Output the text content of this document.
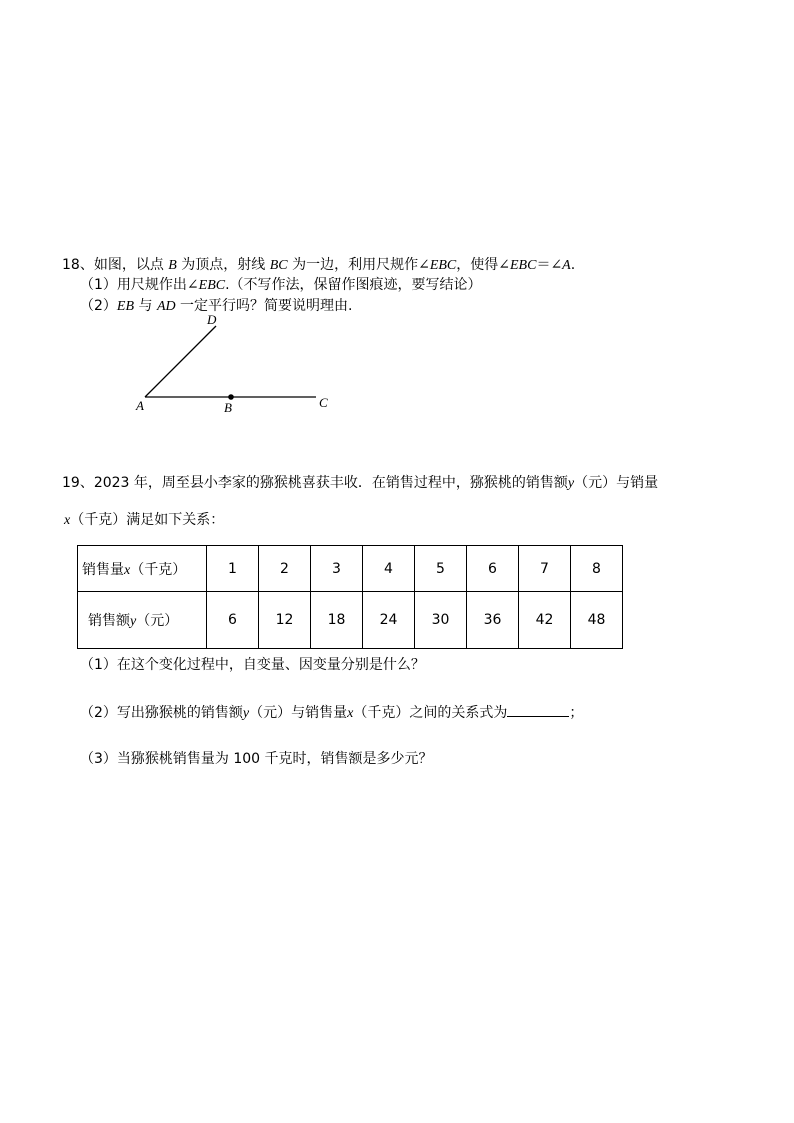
18、如图，以点 B 为顶点，射线 BC 为一边，利用尺规作∠EBC，使得∠EBC＝∠A.
（1）用尺规作出∠EBC.（不写作法，保留作图痕迹，要写结论）
（2）EB 与 AD 一定平行吗？简要说明理由.
D
A	B	C
19、2023 年，周至县小李家的猕猴桃喜获丰收．在销售过程中，猕猴桃的销售额y（元）与销量
x（千克）满足如下关系：
销售量x（千克）	1	2	3	4	5	6	7	8
销售额y（元）	6	12	18	24	30	36	42	48
（1）在这个变化过程中，自变量、因变量分别是什么？
（2）写出猕猴桃的销售额y（元）与销售量x（千克）之间的关系式为	；
（3）当猕猴桃销售量为 100 千克时，销售额是多少元？
